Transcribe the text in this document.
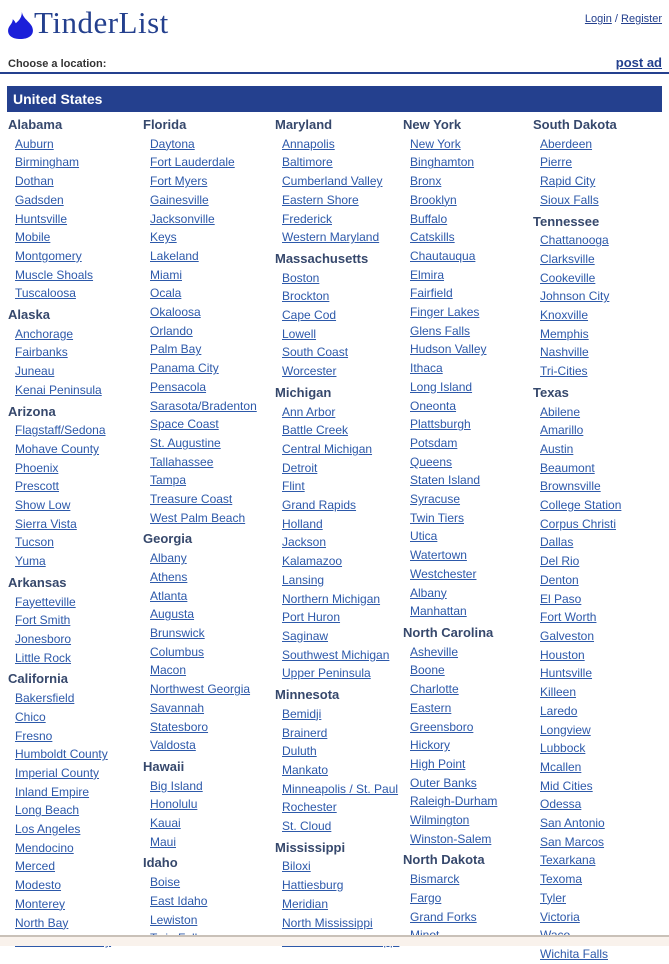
TinderList	Login / Register
Choose a location:	post ad
United States
Alabama
Auburn
Birmingham
Dothan
Gadsden
Huntsville
Mobile
Montgomery
Muscle Shoals
Tuscaloosa
Alaska
Anchorage
Fairbanks
Juneau
Kenai Peninsula
Arizona
Flagstaff/Sedona
Mohave County
Phoenix
Prescott
Show Low
Sierra Vista
Tucson
Yuma
Arkansas
Fayetteville
Fort Smith
Jonesboro
Little Rock
California
Bakersfield
Chico
Fresno
Humboldt County
Imperial County
Inland Empire
Long Beach
Los Angeles
Mendocino
Merced
Modesto
Monterey
North Bay
Florida
Daytona
Fort Lauderdale
Fort Myers
Gainesville
Jacksonville
Keys
Lakeland
Miami
Ocala
Okaloosa
Orlando
Palm Bay
Panama City
Pensacola
Sarasota/Bradenton
Space Coast
St. Augustine
Tallahassee
Tampa
Treasure Coast
West Palm Beach
Georgia
Albany
Athens
Atlanta
Augusta
Brunswick
Columbus
Macon
Northwest Georgia
Savannah
Statesboro
Valdosta
Hawaii
Big Island
Honolulu
Kauai
Maui
Idaho
Boise
East Idaho
Lewiston
Maryland
Annapolis
Baltimore
Cumberland Valley
Eastern Shore
Frederick
Western Maryland
Massachusetts
Boston
Brockton
Cape Cod
Lowell
South Coast
Worcester
Michigan
Ann Arbor
Battle Creek
Central Michigan
Detroit
Flint
Grand Rapids
Holland
Jackson
Kalamazoo
Lansing
Northern Michigan
Port Huron
Saginaw
Southwest Michigan
Upper Peninsula
Minnesota
Bemidji
Brainerd
Duluth
Mankato
Minneapolis / St. Paul
Rochester
St. Cloud
Mississippi
Biloxi
Hattiesburg
Meridian
North Mississippi
New York
New York
Binghamton
Bronx
Brooklyn
Buffalo
Catskills
Chautauqua
Elmira
Fairfield
Finger Lakes
Glens Falls
Hudson Valley
Ithaca
Long Island
Oneonta
Plattsburgh
Potsdam
Queens
Staten Island
Syracuse
Twin Tiers
Utica
Watertown
Westchester
Albany
Manhattan
North Carolina
Asheville
Boone
Charlotte
Eastern
Greensboro
Hickory
High Point
Outer Banks
Raleigh-Durham
Wilmington
Winston-Salem
North Dakota
Bismarck
Fargo
Grand Forks
South Dakota
Aberdeen
Pierre
Rapid City
Sioux Falls
Tennessee
Chattanooga
Clarksville
Cookeville
Johnson City
Knoxville
Memphis
Nashville
Tri-Cities
Texas
Abilene
Amarillo
Austin
Beaumont
Brownsville
College Station
Corpus Christi
Dallas
Del Rio
Denton
El Paso
Fort Worth
Galveston
Houston
Huntsville
Killeen
Laredo
Longview
Lubbock
Mcallen
Mid Cities
Odessa
San Antonio
San Marcos
Texarkana
Texoma
Tyler
Victoria
Wichita Falls
